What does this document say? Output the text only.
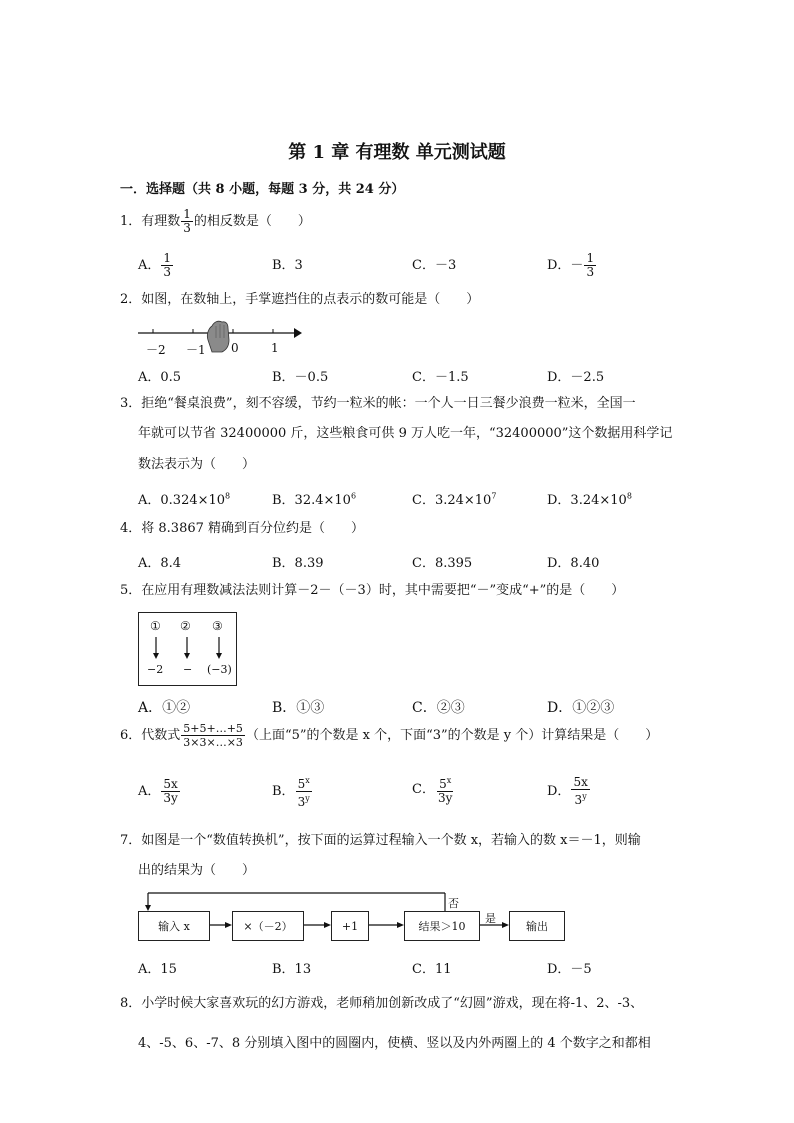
第 1 章 有理数 单元测试题
一．选择题（共 8 小题，每题 3 分，共 24 分）
1．有理数 $\frac{1}{3}$ 的相反数是（　　）
A． $\frac{1}{3}$	B．3	C．－3	D．－ $\frac{1}{3}$
2．如图，在数轴上，手掌遮挡住的点表示的数可能是（　　）
－2 －1 0	1
A．0.5	B．－0.5	C．－1.5	D．－2.5
3．拒绝“餐桌浪费”，刻不容缓，节约一粒米的帐：一个人一日三餐少浪费一粒米，全国一
年就可以节省 32400000 斤，这些粮食可供 9 万人吃一年，“32400000”这个数据用科学记
数法表示为（　　）
A．$0.324\times 10^8$	B．$32.4\times 10^6$	C．$3.24\times 10^7$	D．$3.24\times 10^8$
4．将 8.3867 精确到百分位约是（　　）
A．8.4	B．8.39	C．8.395	D．8.40
5．在应用有理数减法法则计算－2－（－3）时，其中需要把“－”变成“+”的是（　　）
① ② ③
−2 − (−3)
A．①②	B．①③	C．②③	D．①②③
6．代数式 $\frac{5+5+\dots+5}{3\times 3\times\dots\times 3}$ （上面“5”的个数是 x 个，下面“3”的个数是 y 个）计算结果是（　　）
A． $\frac{5x}{3y}$	B． $\frac{5^x}{3^y}$	C． $\frac{5^x}{3y}$	D． $\frac{5x}{3^y}$
7．如图是一个“数值转换机”，按下面的运算过程输入一个数 x，若输入的数 x＝－1，则输
出的结果为（　　）
输入 x	×（－2）	+1	结果＞10	输出
否
是
A．15	B．13	C．11	D．－5
8．小学时候大家喜欢玩的幻方游戏，老师稍加创新改成了“幻圆”游戏，现在将-1、2、-3、
4、-5、6、-7、8 分别填入图中的圆圈内，使横、竖以及内外两圈上的 4 个数字之和都相
